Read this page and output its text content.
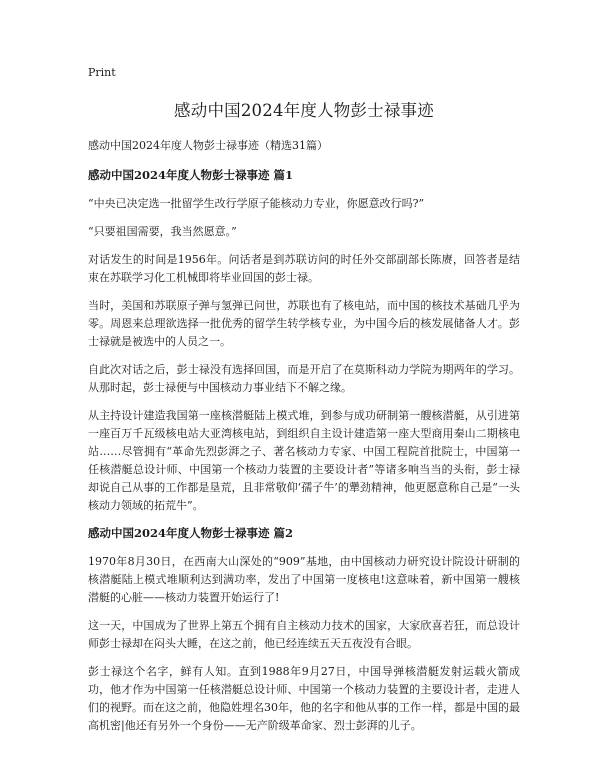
Print
感动中国2024年度人物彭士禄事迹

感动中国2024年度人物彭士禄事迹（精选31篇）

感动中国2024年度人物彭士禄事迹 篇1

“中央已决定选一批留学生改行学原子能核动力专业，你愿意改行吗?”

“只要祖国需要，我当然愿意。”

对话发生的时间是1956年。问话者是到苏联访问的时任外交部副部长陈赓，回答者是结束在苏联学习化工机械即将毕业回国的彭士禄。

当时，美国和苏联原子弹与氢弹已问世，苏联也有了核电站，而中国的核技术基础几乎为零。周恩来总理欲选择一批优秀的留学生转学核专业，为中国今后的核发展储备人才。彭士禄就是被选中的人员之一。

自此次对话之后，彭士禄没有选择回国，而是开启了在莫斯科动力学院为期两年的学习。从那时起，彭士禄便与中国核动力事业结下不解之缘。

从主持设计建造我国第一座核潜艇陆上模式堆，到参与成功研制第一艘核潜艇，从引进第一座百万千瓦级核电站大亚湾核电站，到组织自主设计建造第一座大型商用秦山二期核电站……尽管拥有“革命先烈彭湃之子、著名核动力专家、中国工程院首批院士，中国第一任核潜艇总设计师、中国第一个核动力装置的主要设计者”等诸多响当当的头衔，彭士禄却说自己从事的工作都是垦荒，且非常敬仰‘孺子牛’的犟劲精神，他更愿意称自己是“一头核动力领域的拓荒牛”。

感动中国2024年度人物彭士禄事迹 篇2

1970年8月30日，在西南大山深处的“909”基地，由中国核动力研究设计院设计研制的核潜艇陆上模式堆顺利达到满功率，发出了中国第一度核电!这意味着，新中国第一艘核潜艇的心脏——核动力装置开始运行了!

这一天，中国成为了世界上第五个拥有自主核动力技术的国家，大家欣喜若狂，而总设计师彭士禄却在闷头大睡，在这之前，他已经连续五天五夜没有合眼。

彭士禄这个名字，鲜有人知。直到1988年9月27日，中国导弹核潜艇发射运载火箭成功，他才作为中国第一任核潜艇总设计师、中国第一个核动力装置的主要设计者，走进人们的视野。而在这之前，他隐姓埋名30年，他的名字和他从事的工作一样，都是中国的最高机密|他还有另外一个身份——无产阶级革命家、烈士彭湃的儿子。
